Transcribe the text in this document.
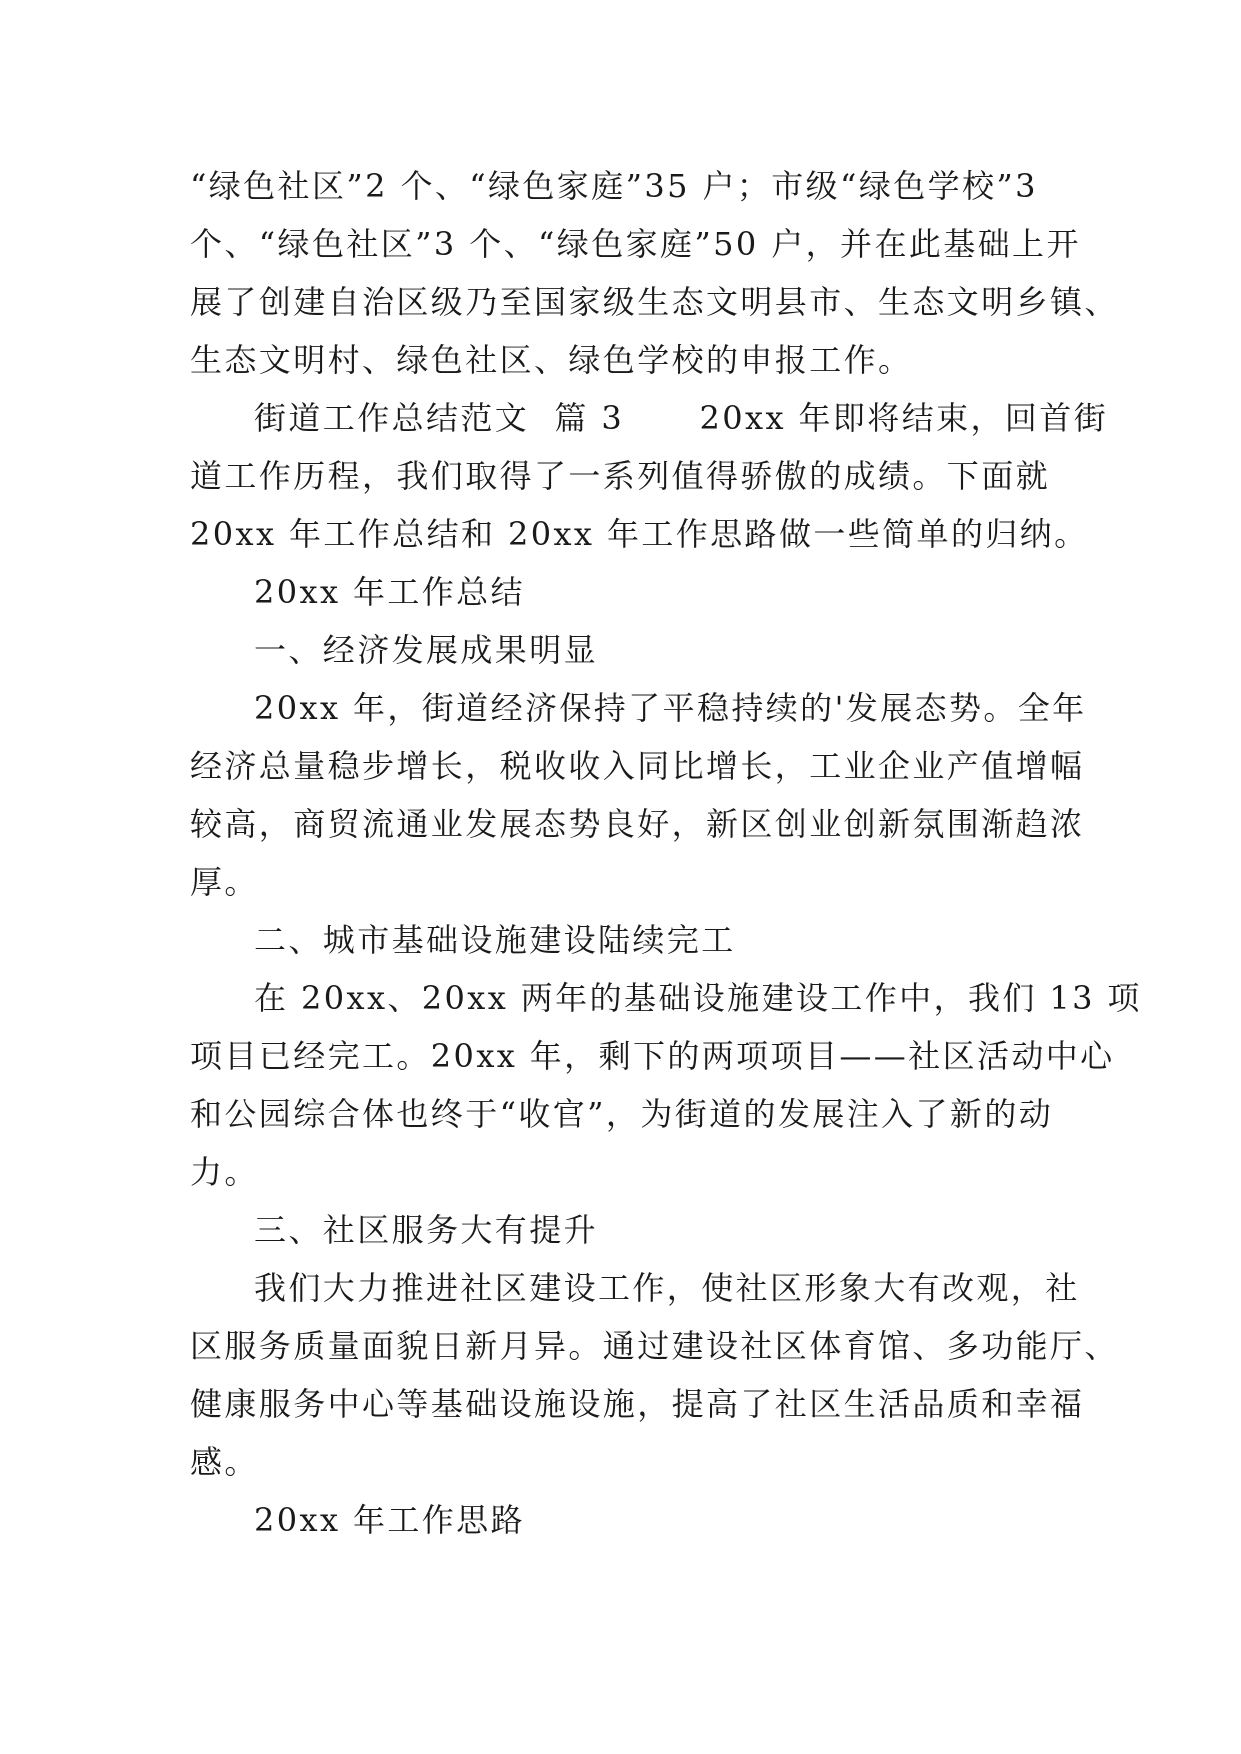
“绿色社区”2 个、“绿色家庭”35 户；市级“绿色学校”3
个、“绿色社区”3 个、“绿色家庭”50 户，并在此基础上开
展了创建自治区级乃至国家级生态文明县市、生态文明乡镇、
生态文明村、绿色社区、绿色学校的申报工作。
街道工作总结范文  篇 3      20xx 年即将结束，回首街
道工作历程，我们取得了一系列值得骄傲的成绩。下面就
20xx 年工作总结和 20xx 年工作思路做一些简单的归纳。
20xx 年工作总结
一、经济发展成果明显
20xx 年，街道经济保持了平稳持续的'发展态势。全年
经济总量稳步增长，税收收入同比增长，工业企业产值增幅
较高，商贸流通业发展态势良好，新区创业创新氛围渐趋浓
厚。
二、城市基础设施建设陆续完工
在 20xx、20xx 两年的基础设施建设工作中，我们 13 项
项目已经完工。20xx 年，剩下的两项项目——社区活动中心
和公园综合体也终于“收官”，为街道的发展注入了新的动
力。
三、社区服务大有提升
我们大力推进社区建设工作，使社区形象大有改观，社
区服务质量面貌日新月异。通过建设社区体育馆、多功能厅、
健康服务中心等基础设施设施，提高了社区生活品质和幸福
感。
20xx 年工作思路
